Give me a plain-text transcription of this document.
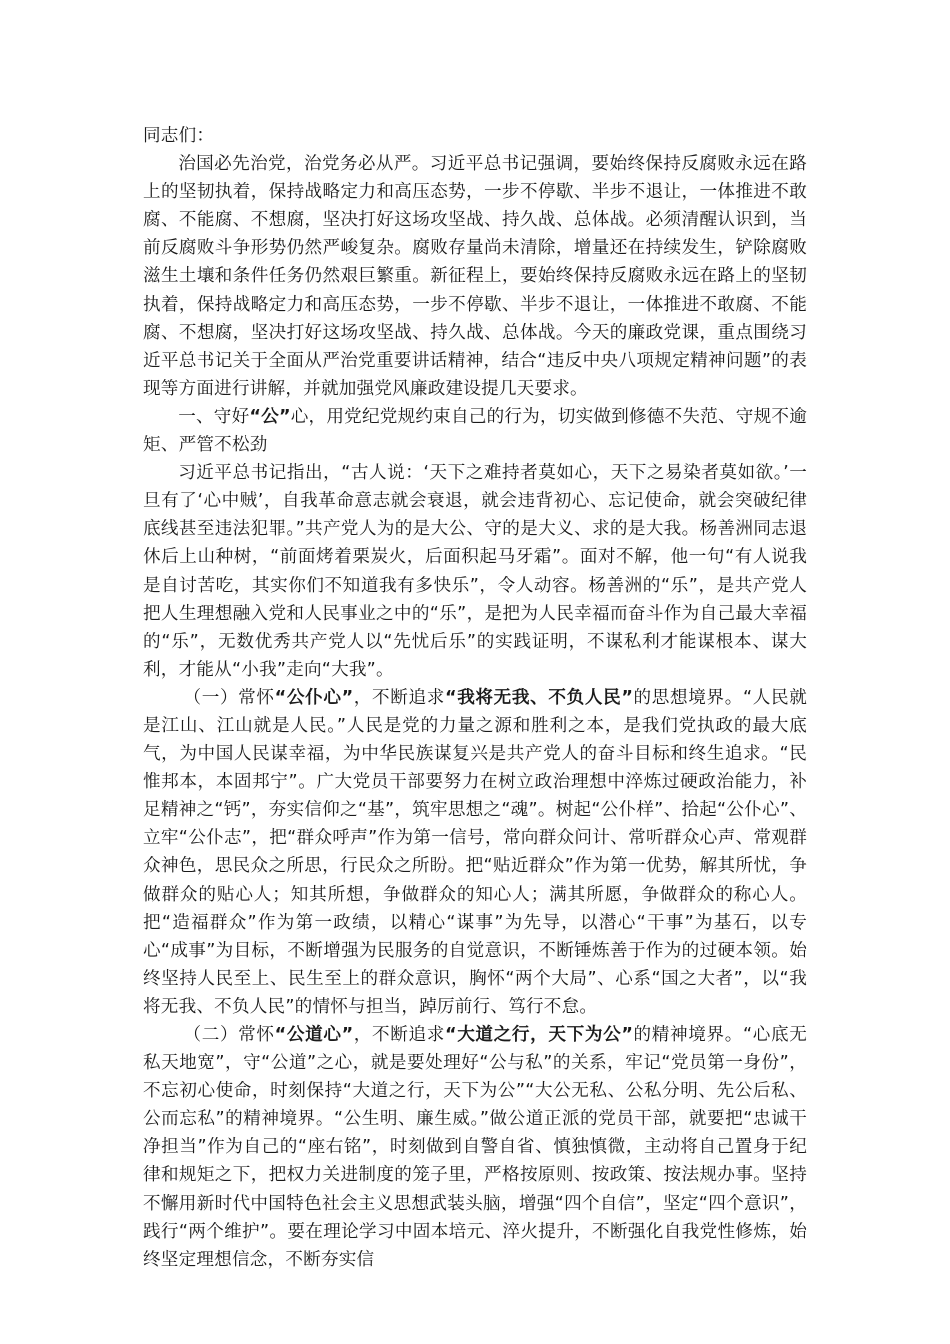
同志们：

治国必先治党，治党务必从严。习近平总书记强调，要始终保持反腐败永远在路上的坚韧执着，保持战略定力和高压态势，一步不停歇、半步不退让，一体推进不敢腐、不能腐、不想腐，坚决打好这场攻坚战、持久战、总体战。必须清醒认识到，当前反腐败斗争形势仍然严峻复杂。腐败存量尚未清除，增量还在持续发生，铲除腐败滋生土壤和条件任务仍然艰巨繁重。新征程上，要始终保持反腐败永远在路上的坚韧执着，保持战略定力和高压态势，一步不停歇、半步不退让，一体推进不敢腐、不能腐、不想腐，坚决打好这场攻坚战、持久战、总体战。今天的廉政党课，重点围绕习近平总书记关于全面从严治党重要讲话精神，结合“违反中央八项规定精神问题”的表现等方面进行讲解，并就加强党风廉政建设提几天要求。

一、守好“公”心，用党纪党规约束自己的行为，切实做到修德不失范、守规不逾矩、严管不松劲

习近平总书记指出，“古人说：‘天下之难持者莫如心，天下之易染者莫如欲。’一旦有了‘心中贼’，自我革命意志就会衰退，就会违背初心、忘记使命，就会突破纪律底线甚至违法犯罪。”共产党人为的是大公、守的是大义、求的是大我。杨善洲同志退休后上山种树，“前面烤着栗炭火，后面积起马牙霜”。面对不解，他一句“有人说我是自讨苦吃，其实你们不知道我有多快乐”，令人动容。杨善洲的“乐”，是共产党人把人生理想融入党和人民事业之中的“乐”，是把为人民幸福而奋斗作为自己最大幸福的“乐”，无数优秀共产党人以“先忧后乐”的实践证明，不谋私利才能谋根本、谋大利，才能从“小我”走向“大我”。

（一）常怀“公仆心”，不断追求“我将无我、不负人民”的思想境界。“人民就是江山、江山就是人民。”人民是党的力量之源和胜利之本，是我们党执政的最大底气，为中国人民谋幸福，为中华民族谋复兴是共产党人的奋斗目标和终生追求。“民惟邦本，本固邦宁”。广大党员干部要努力在树立政治理想中淬炼过硬政治能力，补足精神之“钙”，夯实信仰之“基”，筑牢思想之“魂”。树起“公仆样”、拾起“公仆心”、立牢“公仆志”，把“群众呼声”作为第一信号，常向群众问计、常听群众心声、常观群众神色，思民众之所思，行民众之所盼。把“贴近群众”作为第一优势，解其所忧，争做群众的贴心人；知其所想，争做群众的知心人；满其所愿，争做群众的称心人。把“造福群众”作为第一政绩，以精心“谋事”为先导，以潜心“干事”为基石，以专心“成事”为目标，不断增强为民服务的自觉意识，不断锤炼善于作为的过硬本领。始终坚持人民至上、民生至上的群众意识，胸怀“两个大局”、心系“国之大者”，以“我将无我、不负人民”的情怀与担当，踔厉前行、笃行不怠。

（二）常怀“公道心”，不断追求“大道之行，天下为公”的精神境界。“心底无私天地宽”，守“公道”之心，就是要处理好“公与私”的关系，牢记“党员第一身份”，不忘初心使命，时刻保持“大道之行，天下为公”“大公无私、公私分明、先公后私、公而忘私”的精神境界。“公生明、廉生威。”做公道正派的党员干部，就要把“忠诚干净担当”作为自己的“座右铭”，时刻做到自警自省、慎独慎微，主动将自己置身于纪律和规矩之下，把权力关进制度的笼子里，严格按原则、按政策、按法规办事。坚持不懈用新时代中国特色社会主义思想武装头脑，增强“四个自信”，坚定“四个意识”，践行“两个维护”。要在理论学习中固本培元、淬火提升，不断强化自我党性修炼，始终坚定理想信念，不断夯实信
